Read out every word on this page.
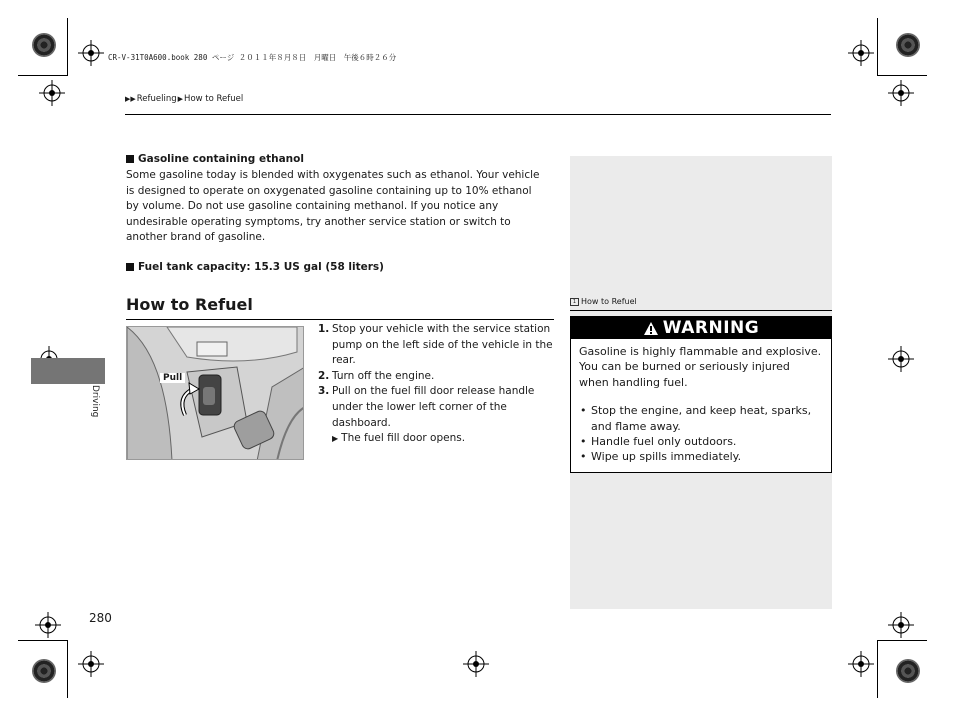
CR-V-31T0A600.book 280 ページ ２０１１年８月８日　月曜日　午後６時２６分
▶▶ Refueling ▶ How to Refuel
Gasoline containing ethanol
Some gasoline today is blended with oxygenates such as ethanol. Your vehicle is designed to operate on oxygenated gasoline containing up to 10% ethanol by volume. Do not use gasoline containing methanol. If you notice any undesirable operating symptoms, try another service station or switch to another brand of gasoline.
Fuel tank capacity: 15.3 US gal (58 liters)
How to Refuel
Pull
1. Stop your vehicle with the service station pump on the left side of the vehicle in the rear.
2. Turn off the engine.
3. Pull on the fuel fill door release handle under the lower left corner of the dashboard.
▶ The fuel fill door opens.
Driving
1 How to Refuel
WARNING
Gasoline is highly flammable and explosive. You can be burned or seriously injured when handling fuel.
• Stop the engine, and keep heat, sparks, and flame away.
• Handle fuel only outdoors.
• Wipe up spills immediately.
280
